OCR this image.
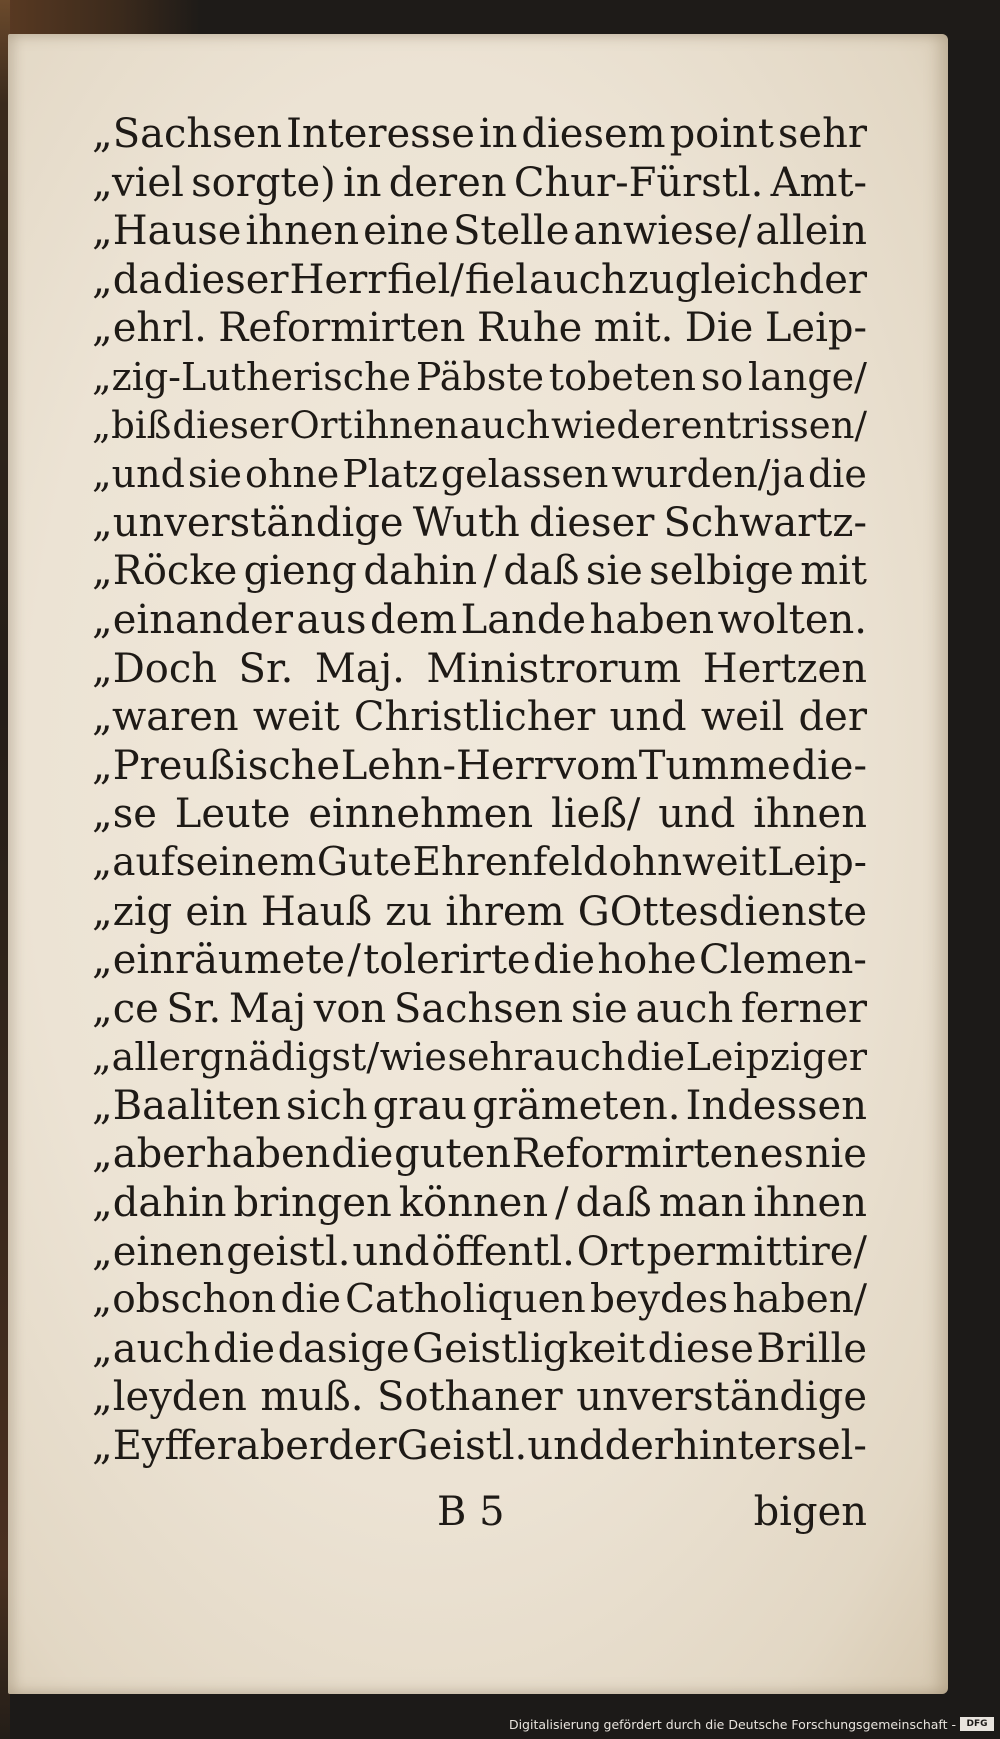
„Sachsen Interesse in diesem point sehr
„viel sorgte) in deren Chur-Fürstl. Amt-
„Hause ihnen eine Stelle anwiese/ allein
„da dieser Herr fiel/ fiel auch zugleich der
„ehrl. Reformirten Ruhe mit. Die Leip-
„zig-Lutherische Päbste tobeten so lange/
„biß dieser Ort ihnen auch wieder entrissen/
„und sie ohne Platz gelassen wurden/ja die
„unverständige Wuth dieser Schwartz-
„Röcke gieng dahin / daß sie selbige mit
„einander aus dem Lande haben wolten.
„Doch Sr. Maj. Ministrorum Hertzen
„waren weit Christlicher und weil der
„Preußische Lehn-Herr vom Tumme die-
„se Leute einnehmen ließ/ und ihnen
„auf seinem Gute Ehrenfeld ohnweit Leip-
„zig ein Hauß zu ihrem GOttesdienste
„einräumete / tolerirte die hohe Clemen-
„ce Sr. Maj von Sachsen sie auch ferner
„allergnädigst/ wie sehr auch die Leipziger
„Baaliten sich grau grämeten. Indessen
„aber haben die guten Reformirten es nie
„dahin bringen können / daß man ihnen
„einen geistl. und öffentl. Ort permittire/
„obschon die Catholiquen beydes haben/
„auch die dasige Geistligkeit diese Brille
„leyden muß. Sothaner unverständige
„Eyffer aber der Geistl. und der hinter sel-
B 5	bigen
Digitalisierung gefördert durch die Deutsche Forschungsgemeinschaft -	DFG
